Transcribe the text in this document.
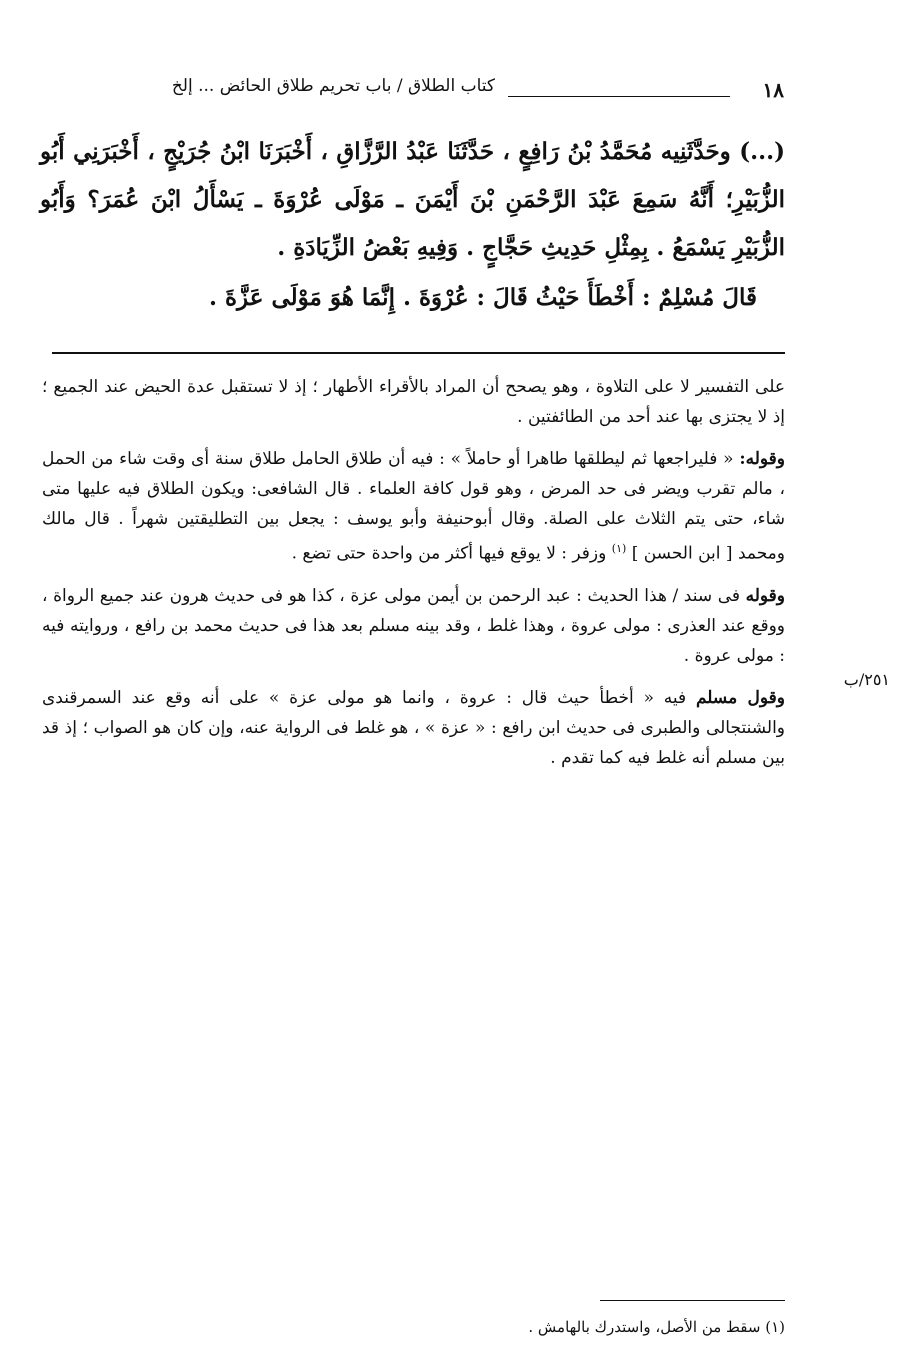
١٨
كتاب الطلاق / باب تحريم طلاق الحائض ... إلخ

(...) وحَدَّثَنِيه مُحَمَّدُ بْنُ رَافِعٍ ، حَدَّثَنَا عَبْدُ الرَّزَّاقِ ، أَخْبَرَنَا ابْنُ جُرَيْجٍ ، أَخْبَرَنِي أَبُو الزُّبَيْرِ؛ أَنَّهُ سَمِعَ عَبْدَ الرَّحْمَنِ بْنَ أَيْمَنَ ـ مَوْلَى عُرْوَةَ ـ يَسْأَلُ ابْنَ عُمَرَ؟ وَأَبُو الزُّبَيْرِ يَسْمَعُ . بِمِثْلِ حَدِيثِ حَجَّاجٍ . وَفِيهِ بَعْضُ الزِّيَادَةِ .

قَالَ مُسْلِمٌ : أَخْطَأَ حَيْثُ قَالَ : عُرْوَةَ . إِنَّمَا هُوَ مَوْلَى عَزَّةَ .

على التفسير لا على التلاوة ، وهو يصحح أن المراد بالأقراء الأطهار ؛ إذ لا تستقبل عدة الحيض عند الجميع ؛ إذ لا يجتزى بها عند أحد من الطائفتين .

وقوله: « فليراجعها ثم ليطلقها طاهرا أو حاملاً » : فيه أن طلاق الحامل طلاق سنة أى وقت شاء من الحمل ، مالم تقرب ويضر فى حد المرض ، وهو قول كافة العلماء . قال الشافعى: ويكون الطلاق فيه عليها متى شاء، حتى يتم الثلاث على الصلة. وقال أبوحنيفة وأبو يوسف : يجعل بين التطليقتين شهراً . قال مالك ومحمد [ ابن الحسن ] $^{(١)}$ وزفر : لا يوقع فيها أكثر من واحدة حتى تضع .

وقوله فى سند / هذا الحديث : عبد الرحمن بن أيمن مولى عزة ، كذا هو فى حديث هرون عند جميع الرواة ، ووقع عند العذرى : مولى عروة ، وهذا غلط ، وقد بينه مسلم بعد هذا فى حديث محمد بن رافع ، وروايته فيه : مولى عروة .

وقول مسلم فيه « أخطأ حيث قال : عروة ، وانما هو مولى عزة » على أنه وقع عند السمرقندى والشنتجالى والطبرى فى حديث ابن رافع : « عزة » ، هو غلط فى الرواية عنه، وإن كان هو الصواب ؛ إذ قد بين مسلم أنه غلط فيه كما تقدم .

٢٥١/ب
(١) سقط من الأصل، واستدرك بالهامش .
